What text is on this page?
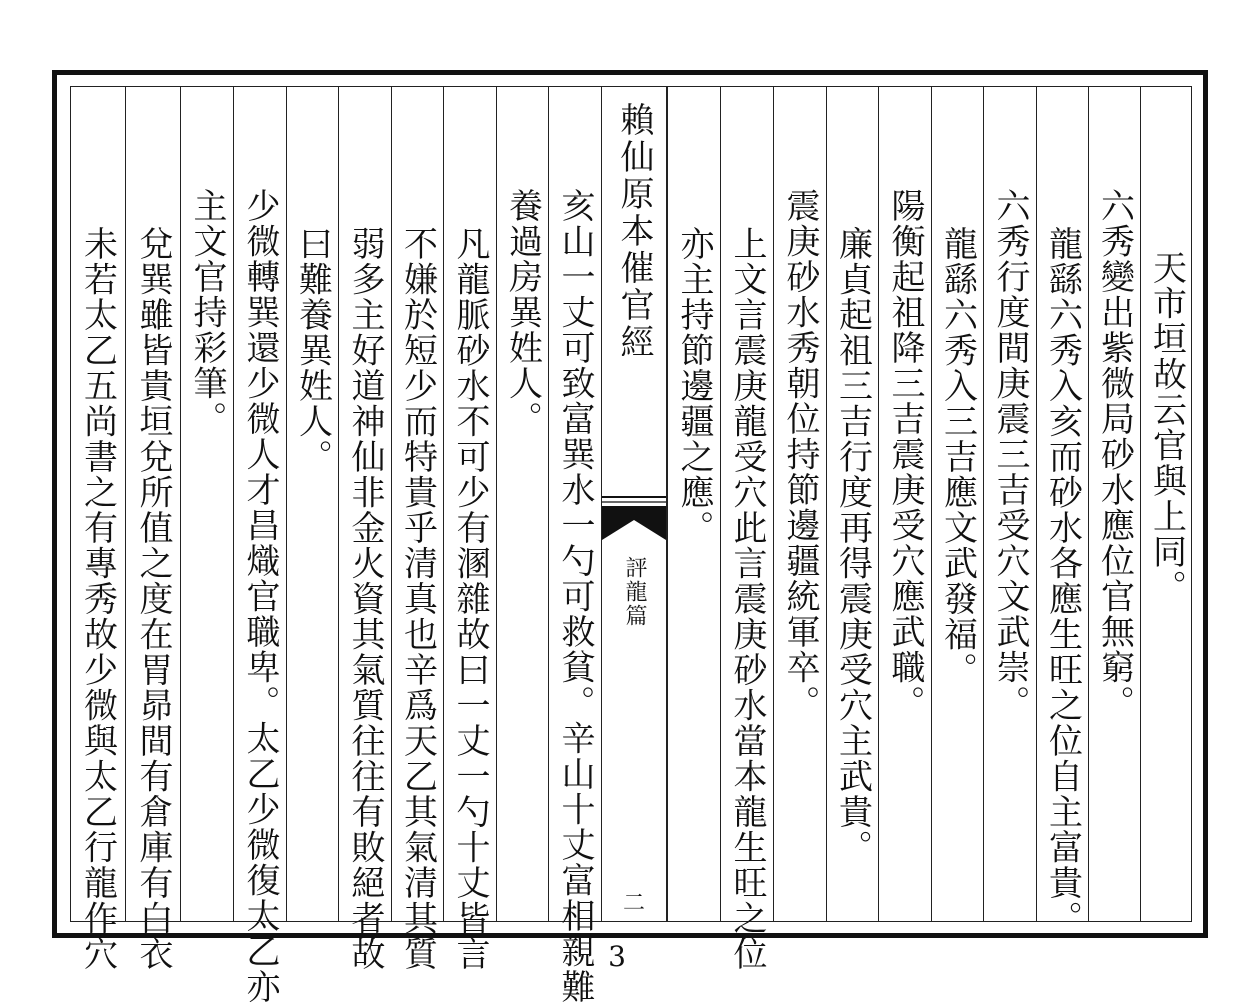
天市垣故云官與上同。
六秀變出紫微局砂水應位官無窮。
龍繇六秀入亥而砂水各應生旺之位自主富貴。
六秀行度間庚震三吉受穴文武崇。
龍繇六秀入三吉應文武發福。
陽衡起祖降三吉震庚受穴應武職。
廉貞起祖三吉行度再得震庚受穴主武貴。
震庚砂水秀朝位持節邊疆統軍卒。
上文言震庚龍受穴此言震庚砂水當本龍生旺之位
亦主持節邊疆之應。
賴仙原本催官經
評龍篇
二
亥山一丈可致富巽水一勺可救貧。辛山十丈富相親難
養過房異姓人。
凡龍脈砂水不可少有溷雜故曰一丈一勺十丈皆言
不嫌於短少而特貴乎清真也辛爲天乙其氣清其質
弱多主好道神仙非金火資其氣質往往有敗絕者故
曰難養異姓人。
少微轉巽還少微人才昌熾官職卑。太乙少微復太乙亦
主文官持彩筆。
兌巽雖皆貴垣兌所值之度在胃昴間有倉庫有白衣
未若太乙五尚書之有專秀故少微與太乙行龍作穴	3
